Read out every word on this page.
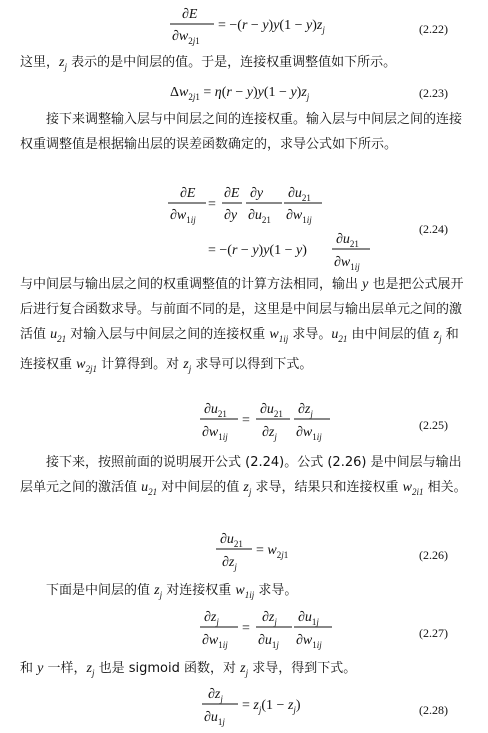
∂E
$\partial w_2j1$
= $-(r - y)y(1 - y)z_j$	(2.22)
这里，$z_j$ 表示的是中间层的值。于是，连接权重调整值如下所示。
$\Delta w_2j1 = \eta(r - y)y(1 - y)z_j$	(2.23)
接下来调整输入层与中间层之间的连接权重。输入层与中间层之间的连接权重调整值是根据输出层的误差函数确定的，求导公式如下所示。
∂E
$\partial w_1ij$
=
∂E
∂y
∂y
$\partial u_{21}$
$\partial u_{21}$
$\partial w_1ij$
= −(r − y)y(1 − y)
$\partial u_{21}$
$\partial w_1ij$
(2.24)
与中间层与输出层之间的权重调整值的计算方法相同，输出 y 也是把公式展开后进行复合函数求导。与前面不同的是，这里是中间层与输出层单元之间的激活值 $u_{21}$ 对输入层与中间层之间的连接权重 $w_{1ij}$ 求导。$u_{21}$ 由中间层的值 $z_j$ 和连接权重 $w_{2j1}$ 计算得到。对 $z_j$ 求导可以得到下式。
$\partial u_{21}$
$\partial w_1ij$
=
$\partial u_{21}$
$\partial z_j$
$\partial z_j$
$\partial w_1ij$
(2.25)
接下来，按照前面的说明展开公式 (2.24)。公式 (2.26) 是中间层与输出层单元之间的激活值 $u_{21}$ 对中间层的值 $z_j$ 求导，结果只和连接权重 $w_{2i1}$ 相关。
$\partial u_{21}$
$\partial z_j$
= $w_2j1$	(2.26)
下面是中间层的值 $z_j$ 对连接权重 $w_{1ij}$ 求导。
$\partial z_j$
$\partial w_1ij$
=
$\partial z_j$
$\partial u_1j$
$\partial u_1j$
$\partial w_1ij$
(2.27)
和 y 一样，$z_j$ 也是 sigmoid 函数，对 $z_j$ 求导，得到下式。
$\partial z_j$
$\partial u_1j$
= $z_j(1 - z_j)$	(2.28)
